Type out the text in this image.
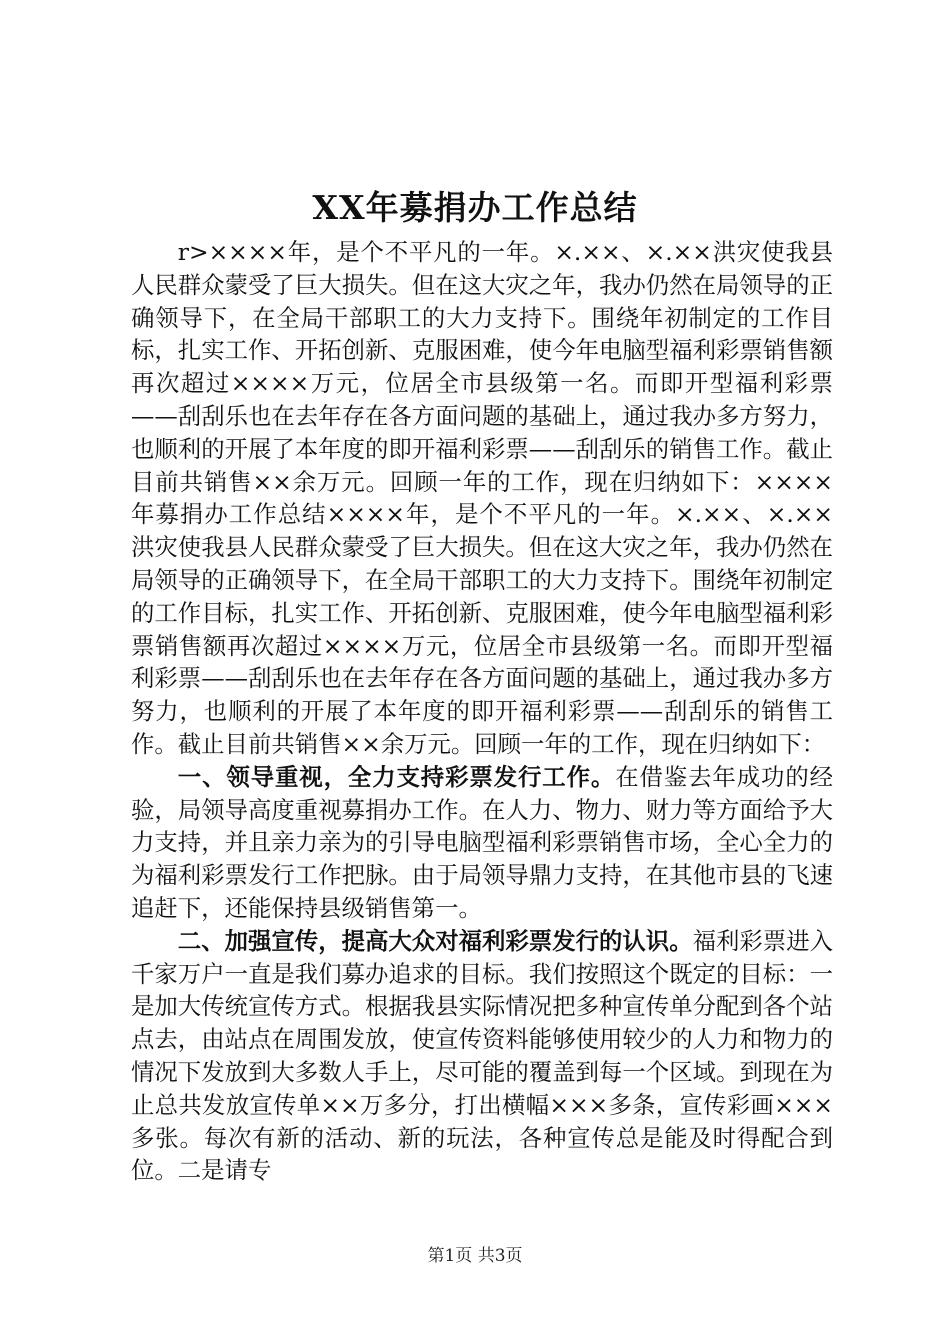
XX年募捐办工作总结

r>××××年，是个不平凡的一年。×.××、×.××洪灾使我县人民群众蒙受了巨大损失。但在这大灾之年，我办仍然在局领导的正确领导下，在全局干部职工的大力支持下。围绕年初制定的工作目标，扎实工作、开拓创新、克服困难，使今年电脑型福利彩票销售额再次超过××××万元，位居全市县级第一名。而即开型福利彩票——刮刮乐也在去年存在各方面问题的基础上，通过我办多方努力，也顺利的开展了本年度的即开福利彩票——刮刮乐的销售工作。截止目前共销售××余万元。回顾一年的工作，现在归纳如下：××××年募捐办工作总结××××年，是个不平凡的一年。×.××、×.××洪灾使我县人民群众蒙受了巨大损失。但在这大灾之年，我办仍然在局领导的正确领导下，在全局干部职工的大力支持下。围绕年初制定的工作目标，扎实工作、开拓创新、克服困难，使今年电脑型福利彩票销售额再次超过××××万元，位居全市县级第一名。而即开型福利彩票——刮刮乐也在去年存在各方面问题的基础上，通过我办多方努力，也顺利的开展了本年度的即开福利彩票——刮刮乐的销售工作。截止目前共销售××余万元。回顾一年的工作，现在归纳如下：

一、领导重视，全力支持彩票发行工作。在借鉴去年成功的经验，局领导高度重视募捐办工作。在人力、物力、财力等方面给予大力支持，并且亲力亲为的引导电脑型福利彩票销售市场，全心全力的为福利彩票发行工作把脉。由于局领导鼎力支持，在其他市县的飞速追赶下，还能保持县级销售第一。

二、加强宣传，提高大众对福利彩票发行的认识。福利彩票进入千家万户一直是我们募办追求的目标。我们按照这个既定的目标：一是加大传统宣传方式。根据我县实际情况把多种宣传单分配到各个站点去，由站点在周围发放，使宣传资料能够使用较少的人力和物力的情况下发放到大多数人手上，尽可能的覆盖到每一个区域。到现在为止总共发放宣传单××万多分，打出横幅×××多条，宣传彩画×××多张。每次有新的活动、新的玩法，各种宣传总是能及时得配合到位。二是请专

第1页 共3页
